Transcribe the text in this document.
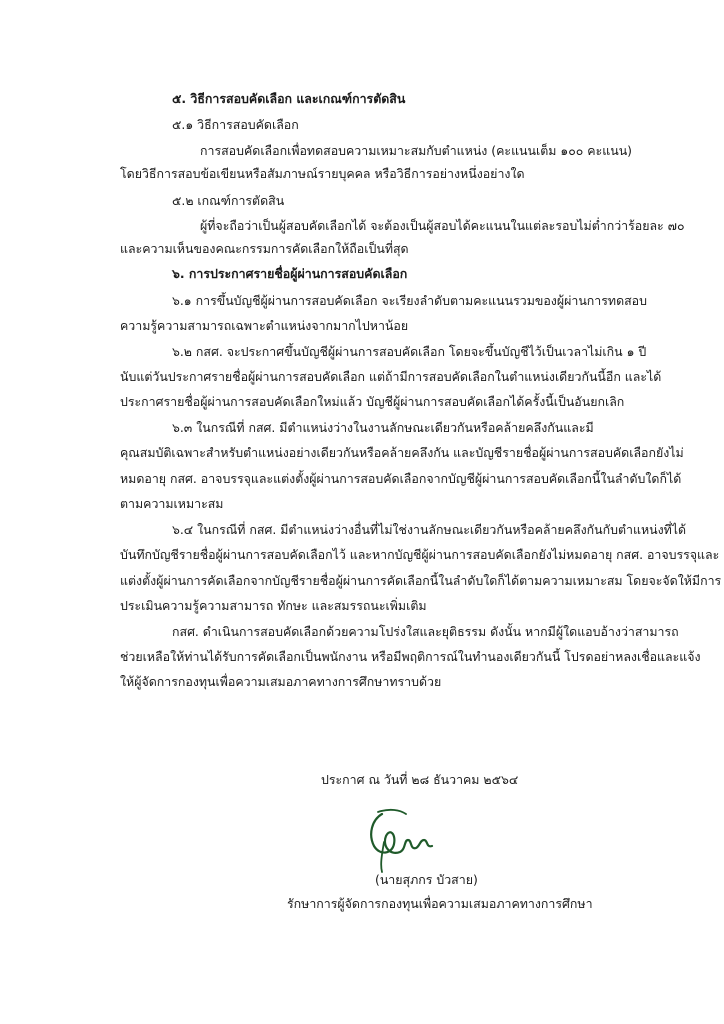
๕. วิธีการสอบคัดเลือก และเกณฑ์การตัดสิน
๕.๑ วิธีการสอบคัดเลือก
การสอบคัดเลือกเพื่อทดสอบความเหมาะสมกับตำแหน่ง (คะแนนเต็ม ๑๐๐ คะแนน)
โดยวิธีการสอบข้อเขียนหรือสัมภาษณ์รายบุคคล หรือวิธีการอย่างหนึ่งอย่างใด
๕.๒ เกณฑ์การตัดสิน
ผู้ที่จะถือว่าเป็นผู้สอบคัดเลือกได้ จะต้องเป็นผู้สอบได้คะแนนในแต่ละรอบไม่ต่ำกว่าร้อยละ ๗๐
และความเห็นของคณะกรรมการคัดเลือกให้ถือเป็นที่สุด
๖. การประกาศรายชื่อผู้ผ่านการสอบคัดเลือก
๖.๑ การขึ้นบัญชีผู้ผ่านการสอบคัดเลือก จะเรียงลำดับตามคะแนนรวมของผู้ผ่านการทดสอบ
ความรู้ความสามารถเฉพาะตำแหน่งจากมากไปหาน้อย
๖.๒ กสศ. จะประกาศขึ้นบัญชีผู้ผ่านการสอบคัดเลือก โดยจะขึ้นบัญชีไว้เป็นเวลาไม่เกิน ๑ ปี
นับแต่วันประกาศรายชื่อผู้ผ่านการสอบคัดเลือก แต่ถ้ามีการสอบคัดเลือกในตำแหน่งเดียวกันนี้อีก และได้
ประกาศรายชื่อผู้ผ่านการสอบคัดเลือกใหม่แล้ว บัญชีผู้ผ่านการสอบคัดเลือกได้ครั้งนี้เป็นอันยกเลิก
๖.๓ ในกรณีที่ กสศ. มีตำแหน่งว่างในงานลักษณะเดียวกันหรือคล้ายคลึงกันและมี
คุณสมบัติเฉพาะสำหรับตำแหน่งอย่างเดียวกันหรือคล้ายคลึงกัน และบัญชีรายชื่อผู้ผ่านการสอบคัดเลือกยังไม่
หมดอายุ กสศ. อาจบรรจุและแต่งตั้งผู้ผ่านการสอบคัดเลือกจากบัญชีผู้ผ่านการสอบคัดเลือกนี้ในลำดับใดก็ได้
ตามความเหมาะสม
๖.๔ ในกรณีที่ กสศ. มีตำแหน่งว่างอื่นที่ไม่ใช่งานลักษณะเดียวกันหรือคล้ายคลึงกันกับตำแหน่งที่ได้
บันทึกบัญชีรายชื่อผู้ผ่านการสอบคัดเลือกไว้ และหากบัญชีผู้ผ่านการสอบคัดเลือกยังไม่หมดอายุ กสศ. อาจบรรจุและ
แต่งตั้งผู้ผ่านการคัดเลือกจากบัญชีรายชื่อผู้ผ่านการคัดเลือกนี้ในลำดับใดก็ได้ตามความเหมาะสม โดยจะจัดให้มีการ
ประเมินความรู้ความสามารถ ทักษะ และสมรรถนะเพิ่มเติม
กสศ. ดำเนินการสอบคัดเลือกด้วยความโปร่งใสและยุติธรรม ดังนั้น หากมีผู้ใดแอบอ้างว่าสามารถ
ช่วยเหลือให้ท่านได้รับการคัดเลือกเป็นพนักงาน หรือมีพฤติการณ์ในทำนองเดียวกันนี้ โปรดอย่าหลงเชื่อและแจ้ง
ให้ผู้จัดการกองทุนเพื่อความเสมอภาคทางการศึกษาทราบด้วย
ประกาศ ณ วันที่ ๒๘ ธันวาคม ๒๕๖๔
(นายสุภกร บัวสาย)
รักษาการผู้จัดการกองทุนเพื่อความเสมอภาคทางการศึกษา
